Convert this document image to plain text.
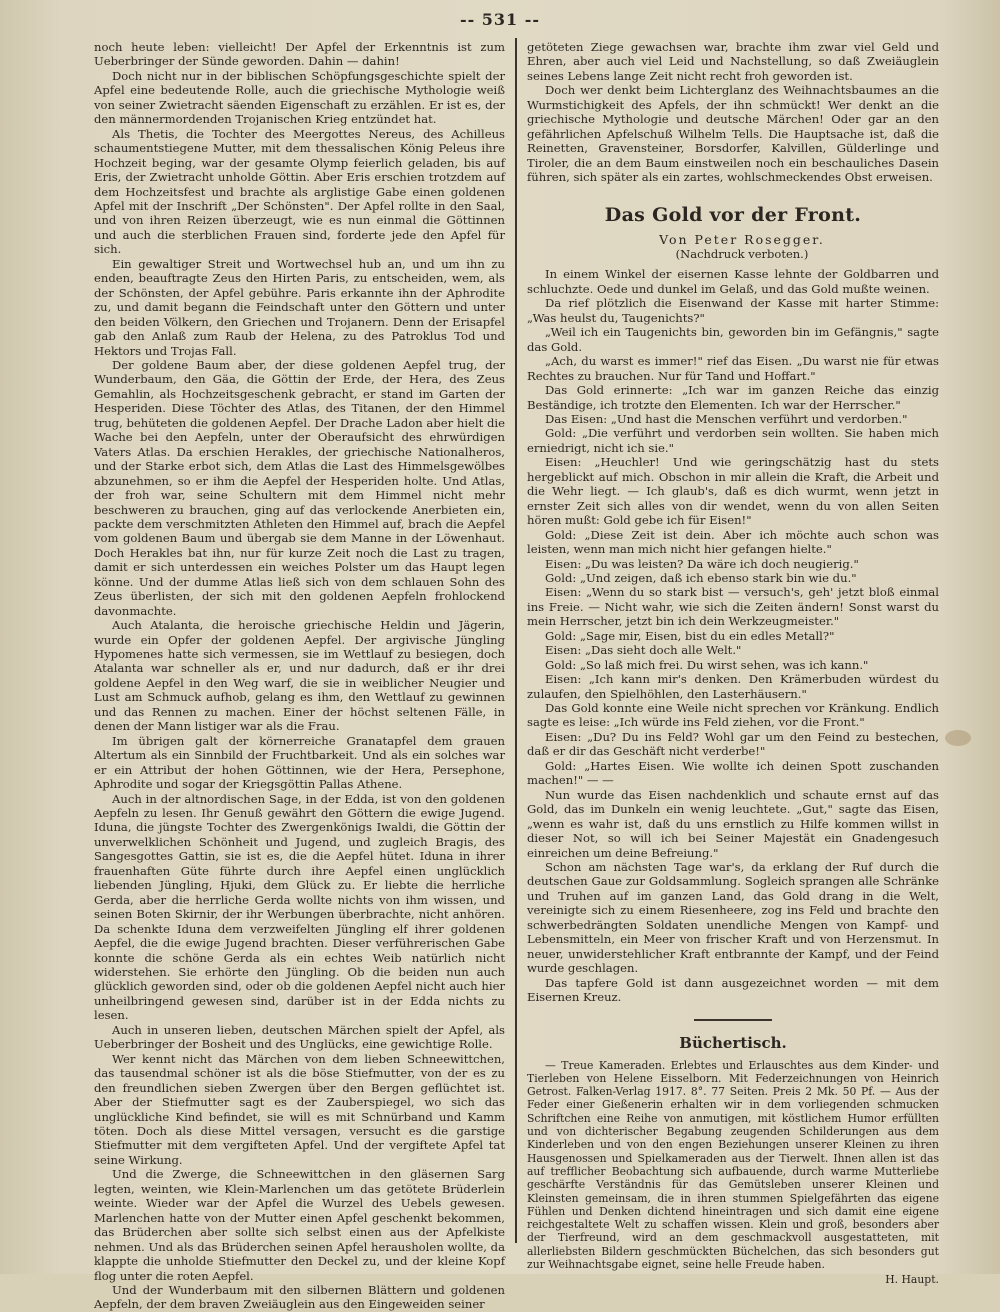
-- 531 --

noch heute leben: vielleicht! Der Apfel der Erkenntnis ist zum Ueberbringer der Sünde geworden. Dahin — dahin!

Doch nicht nur in der biblischen Schöpfungsgeschichte spielt der Apfel eine bedeutende Rolle, auch die griechische Mythologie weiß von seiner Zwietracht säenden Eigenschaft zu erzählen. Er ist es, der den männermordenden Trojanischen Krieg entzündet hat.

Als Thetis, die Tochter des Meergottes Nereus, des Achilleus schaumentstiegene Mutter, mit dem thessalischen König Peleus ihre Hochzeit beging, war der gesamte Olymp feierlich geladen, bis auf Eris, der Zwietracht unholde Göttin. Aber Eris erschien trotzdem auf dem Hochzeitsfest und brachte als arglistige Gabe einen goldenen Apfel mit der Inschrift „Der Schönsten". Der Apfel rollte in den Saal, und von ihren Reizen überzeugt, wie es nun einmal die Göttinnen und auch die sterblichen Frauen sind, forderte jede den Apfel für sich.

Ein gewaltiger Streit und Wortwechsel hub an, und um ihn zu enden, beauftragte Zeus den Hirten Paris, zu entscheiden, wem, als der Schönsten, der Apfel gebühre. Paris erkannte ihn der Aphrodite zu, und damit begann die Feindschaft unter den Göttern und unter den beiden Völkern, den Griechen und Trojanern. Denn der Erisapfel gab den Anlaß zum Raub der Helena, zu des Patroklus Tod und Hektors und Trojas Fall.

Der goldene Baum aber, der diese goldenen Aepfel trug, der Wunderbaum, den Gäa, die Göttin der Erde, der Hera, des Zeus Gemahlin, als Hochzeitsgeschenk gebracht, er stand im Garten der Hesperiden. Diese Töchter des Atlas, des Titanen, der den Himmel trug, behüteten die goldenen Aepfel. Der Drache Ladon aber hielt die Wache bei den Aepfeln, unter der Oberaufsicht des ehrwürdigen Vaters Atlas. Da erschien Herakles, der griechische Nationalheros, und der Starke erbot sich, dem Atlas die Last des Himmelsgewölbes abzunehmen, so er ihm die Aepfel der Hesperiden holte. Und Atlas, der froh war, seine Schultern mit dem Himmel nicht mehr beschweren zu brauchen, ging auf das verlockende Anerbieten ein, packte dem verschmitzten Athleten den Himmel auf, brach die Aepfel vom goldenen Baum und übergab sie dem Manne in der Löwenhaut. Doch Herakles bat ihn, nur für kurze Zeit noch die Last zu tragen, damit er sich unterdessen ein weiches Polster um das Haupt legen könne. Und der dumme Atlas ließ sich von dem schlauen Sohn des Zeus überlisten, der sich mit den goldenen Aepfeln frohlockend davonmachte.

Auch Atalanta, die heroische griechische Heldin und Jägerin, wurde ein Opfer der goldenen Aepfel. Der argivische Jüngling Hypomenes hatte sich vermessen, sie im Wettlauf zu besiegen, doch Atalanta war schneller als er, und nur dadurch, daß er ihr drei goldene Aepfel in den Weg warf, die sie in weiblicher Neugier und Lust am Schmuck aufhob, gelang es ihm, den Wettlauf zu gewinnen und das Rennen zu machen. Einer der höchst seltenen Fälle, in denen der Mann listiger war als die Frau.

Im übrigen galt der körnerreiche Granatapfel dem grauen Altertum als ein Sinnbild der Fruchtbarkeit. Und als ein solches war er ein Attribut der hohen Göttinnen, wie der Hera, Persephone, Aphrodite und sogar der Kriegsgöttin Pallas Athene.

Auch in der altnordischen Sage, in der Edda, ist von den goldenen Aepfeln zu lesen. Ihr Genuß gewährt den Göttern die ewige Jugend. Iduna, die jüngste Tochter des Zwergenkönigs Iwaldi, die Göttin der unverwelklichen Schönheit und Jugend, und zugleich Bragis, des Sangesgottes Gattin, sie ist es, die die Aepfel hütet. Iduna in ihrer frauenhaften Güte führte durch ihre Aepfel einen unglücklich liebenden Jüngling, Hjuki, dem Glück zu. Er liebte die herrliche Gerda, aber die herrliche Gerda wollte nichts von ihm wissen, und seinen Boten Skirnir, der ihr Werbungen überbrachte, nicht anhören. Da schenkte Iduna dem verzweifelten Jüngling elf ihrer goldenen Aepfel, die die ewige Jugend brachten. Dieser verführerischen Gabe konnte die schöne Gerda als ein echtes Weib natürlich nicht widerstehen. Sie erhörte den Jüngling. Ob die beiden nun auch glücklich geworden sind, oder ob die goldenen Aepfel nicht auch hier unheilbringend gewesen sind, darüber ist in der Edda nichts zu lesen.

Auch in unseren lieben, deutschen Märchen spielt der Apfel, als Ueberbringer der Bosheit und des Unglücks, eine gewichtige Rolle.

Wer kennt nicht das Märchen von dem lieben Schneewittchen, das tausendmal schöner ist als die böse Stiefmutter, von der es zu den freundlichen sieben Zwergen über den Bergen geflüchtet ist. Aber der Stiefmutter sagt es der Zauberspiegel, wo sich das unglückliche Kind befindet, sie will es mit Schnürband und Kamm töten. Doch als diese Mittel versagen, versucht es die garstige Stiefmutter mit dem vergifteten Apfel. Und der vergiftete Apfel tat seine Wirkung.

Und die Zwerge, die Schneewittchen in den gläsernen Sarg legten, weinten, wie Klein-Marlenchen um das getötete Brüderlein weinte. Wieder war der Apfel die Wurzel des Uebels gewesen. Marlenchen hatte von der Mutter einen Apfel geschenkt bekommen, das Brüderchen aber sollte sich selbst einen aus der Apfelkiste nehmen. Und als das Brüderchen seinen Apfel herausholen wollte, da klappte die unholde Stiefmutter den Deckel zu, und der kleine Kopf flog unter die roten Aepfel.

Und der Wunderbaum mit den silbernen Blättern und goldenen Aepfeln, der dem braven Zweiäuglein aus den Eingeweiden seiner

getöteten Ziege gewachsen war, brachte ihm zwar viel Geld und Ehren, aber auch viel Leid und Nachstellung, so daß Zweiäuglein seines Lebens lange Zeit nicht recht froh geworden ist.

Doch wer denkt beim Lichterglanz des Weihnachtsbaumes an die Wurmstichigkeit des Apfels, der ihn schmückt! Wer denkt an die griechische Mythologie und deutsche Märchen! Oder gar an den gefährlichen Apfelschuß Wilhelm Tells. Die Hauptsache ist, daß die Reinetten, Gravensteiner, Borsdorfer, Kalvillen, Gülderlinge und Tiroler, die an dem Baum einstweilen noch ein beschauliches Dasein führen, sich später als ein zartes, wohlschmeckendes Obst erweisen.

Das Gold vor der Front.

Von Peter Rosegger.

(Nachdruck verboten.)

In einem Winkel der eisernen Kasse lehnte der Goldbarren und schluchzte. Oede und dunkel im Gelaß, und das Gold mußte weinen.

Da rief plötzlich die Eisenwand der Kasse mit harter Stimme: „Was heulst du, Taugenichts?"

„Weil ich ein Taugenichts bin, geworden bin im Gefängnis," sagte das Gold.

„Ach, du warst es immer!" rief das Eisen. „Du warst nie für etwas Rechtes zu brauchen. Nur für Tand und Hoffart."

Das Gold erinnerte: „Ich war im ganzen Reiche das einzig Beständige, ich trotzte den Elementen. Ich war der Herrscher."

Das Eisen: „Und hast die Menschen verführt und verdorben."

Gold: „Die verführt und verdorben sein wollten. Sie haben mich erniedrigt, nicht ich sie."

Eisen: „Heuchler! Und wie geringschätzig hast du stets hergeblickt auf mich. Obschon in mir allein die Kraft, die Arbeit und die Wehr liegt. — Ich glaub's, daß es dich wurmt, wenn jetzt in ernster Zeit sich alles von dir wendet, wenn du von allen Seiten hören mußt: Gold gebe ich für Eisen!"

Gold: „Diese Zeit ist dein. Aber ich möchte auch schon was leisten, wenn man mich nicht hier gefangen hielte."

Eisen: „Du was leisten? Da wäre ich doch neugierig."

Gold: „Und zeigen, daß ich ebenso stark bin wie du."

Eisen: „Wenn du so stark bist — versuch's, geh' jetzt bloß einmal ins Freie. — Nicht wahr, wie sich die Zeiten ändern! Sonst warst du mein Herrscher, jetzt bin ich dein Werkzeugmeister."

Gold: „Sage mir, Eisen, bist du ein edles Metall?"

Eisen: „Das sieht doch alle Welt."

Gold: „So laß mich frei. Du wirst sehen, was ich kann."

Eisen: „Ich kann mir's denken. Den Krämerbuden würdest du zulaufen, den Spielhöhlen, den Lasterhäusern."

Das Gold konnte eine Weile nicht sprechen vor Kränkung. Endlich sagte es leise: „Ich würde ins Feld ziehen, vor die Front."

Eisen: „Du? Du ins Feld? Wohl gar um den Feind zu bestechen, daß er dir das Geschäft nicht verderbe!"

Gold: „Hartes Eisen. Wie wollte ich deinen Spott zuschanden machen!" — —

Nun wurde das Eisen nachdenklich und schaute ernst auf das Gold, das im Dunkeln ein wenig leuchtete. „Gut," sagte das Eisen, „wenn es wahr ist, daß du uns ernstlich zu Hilfe kommen willst in dieser Not, so will ich bei Seiner Majestät ein Gnadengesuch einreichen um deine Befreiung."

Schon am nächsten Tage war's, da erklang der Ruf durch die deutschen Gaue zur Goldsammlung. Sogleich sprangen alle Schränke und Truhen auf im ganzen Land, das Gold drang in die Welt, vereinigte sich zu einem Riesenheere, zog ins Feld und brachte den schwerbedrängten Soldaten unendliche Mengen von Kampf- und Lebensmitteln, ein Meer von frischer Kraft und von Herzensmut. In neuer, unwiderstehlicher Kraft entbrannte der Kampf, und der Feind wurde geschlagen.

Das tapfere Gold ist dann ausgezeichnet worden — mit dem Eisernen Kreuz.

Büchertisch.

— Treue Kameraden. Erlebtes und Erlauschtes aus dem Kinder- und Tierleben von Helene Eisselborn. Mit Federzeichnungen von Heinrich Getrost. Falken-Verlag 1917. 8°. 77 Seiten. Preis 2 Mk. 50 Pf. — Aus der Feder einer Gießenerin erhalten wir in dem vorliegenden schmucken Schriftchen eine Reihe von anmutigen, mit köstlichem Humor erfüllten und von dichterischer Begabung zeugenden Schilderungen aus dem Kinderleben und von den engen Beziehungen unserer Kleinen zu ihren Hausgenossen und Spielkameraden aus der Tierwelt. Ihnen allen ist das auf trefflicher Beobachtung sich aufbauende, durch warme Mutterliebe geschärfte Verständnis für das Gemütsleben unserer Kleinen und Kleinsten gemeinsam, die in ihren stummen Spielgefährten das eigene Fühlen und Denken dichtend hineintragen und sich damit eine eigene reichgestaltete Welt zu schaffen wissen. Klein und groß, besonders aber der Tierfreund, wird an dem geschmackvoll ausgestatteten, mit allerliebsten Bildern geschmückten Büchelchen, das sich besonders gut zur Weihnachtsgabe eignet, seine helle Freude haben.

H. Haupt.
